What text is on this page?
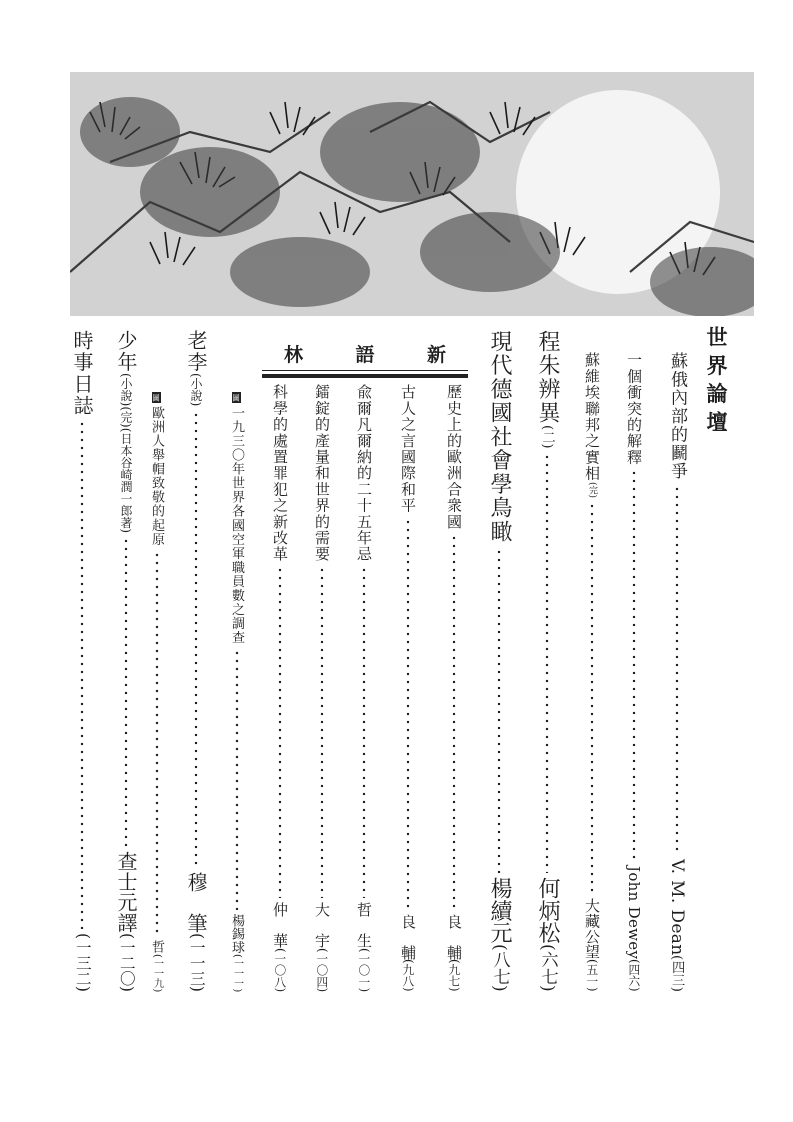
世界論壇
蘇俄內部的鬬爭
V. M. Dean
(四三)
一個衝突的解釋
John Dewey
(四六)
蘇維埃聯邦之實相
(完)
大藏公望
(五一)
程朱辨異
(二)
何炳松
(六七)
現代德國社會學鳥瞰
楊續元
(八七)
新
語
林
歷史上的歐洲合衆國
良　輔
(九七)
古人之言國際和平
良　輔
(九八)
兪爾凡爾納的二十五年忌
哲　生
(一〇一)
鐳錠的產量和世界的需要
大　宇
(一〇四)
科學的處置罪犯之新改革
仲　華
(一〇八)
圖
一九三〇年世界各國空軍職員數之調查
楊錫球
(一一一)
老李
(小說)
穆　筆
(一一三)
圖
歐洲人舉帽致敬的起原
哲
(一一九)
少年
(小說)(完)(日本谷崎潤一郎著)
查士元譯
(一二〇)
時事日誌
(一三二)
